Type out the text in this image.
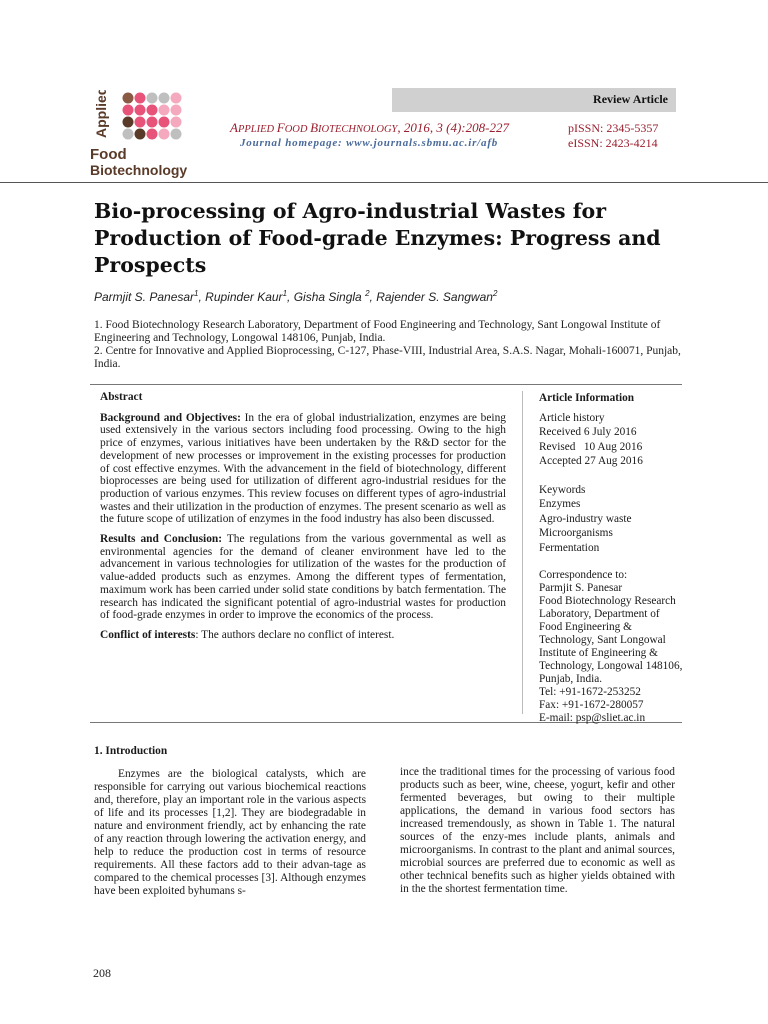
Applied
Food
Biotechnology
Review Article
APPLIED FOOD BIOTECHNOLOGY, 2016, 3 (4):208-227
Journal homepage: www.journals.sbmu.ac.ir/afb
pISSN: 2345-5357
eISSN: 2423-4214
Bio-processing of Agro-industrial Wastes for Production of Food-grade Enzymes: Progress and Prospects
Parmjit S. Panesar$^1$, Rupinder Kaur$^1$, Gisha Singla $^2$, Rajender S. Sangwan$^2$
1. Food Biotechnology Research Laboratory, Department of Food Engineering and Technology, Sant Longowal Institute of Engineering and Technology, Longowal 148106, Punjab, India.
2. Centre for Innovative and Applied Bioprocessing, C-127, Phase-VIII, Industrial Area, S.A.S. Nagar, Mohali-160071, Punjab, India.

Abstract

Background and Objectives: In the era of global industrialization, enzymes are being used extensively in the various sectors including food processing. Owing to the high price of enzymes, various initiatives have been undertaken by the R&D sector for the development of new processes or improvement in the existing processes for production of cost effective enzymes. With the advancement in the field of biotechnology, different bioprocesses are being used for utilization of different agro-industrial residues for the production of various enzymes. This review focuses on different types of agro-industrial wastes and their utilization in the production of enzymes. The present scenario as well as the future scope of utilization of enzymes in the food industry has also been discussed.

Results and Conclusion: The regulations from the various governmental as well as environmental agencies for the demand of cleaner environment have led to the advancement in various technologies for utilization of the wastes for the production of value-added products such as enzymes. Among the different types of fermentation, maximum work has been carried under solid state conditions by batch fermentation. The research has indicated the significant potential of agro-industrial wastes for production of food-grade enzymes in order to improve the economics of the process.

Conflict of interests: The authors declare no conflict of interest.

Article Information
Article history
Received 6 July 2016
Revised   10 Aug 2016
Accepted 27 Aug 2016
Keywords
Enzymes
Agro-industry waste
Microorganisms
Fermentation
Correspondence to:
Parmjit S. Panesar
Food Biotechnology Research Laboratory, Department of Food Engineering & Technology, Sant Longowal Institute of Engineering & Technology, Longowal 148106, Punjab, India.
Tel: +91-1672-253252
Fax: +91-1672-280057
E-mail: psp@sliet.ac.in
1. Introduction

Enzymes are the biological catalysts, which are responsible for carrying out various biochemical reactions and, therefore, play an important role in the various aspects of life and its processes [1,2]. They are biodegradable in nature and environment friendly, act by enhancing the rate of any reaction through lowering the activation energy, and help to reduce the production cost in terms of resource requirements. All these factors add to their advan-tage as compared to the chemical processes [3]. Although enzymes have been exploited byhumans s-

ince the traditional times for the processing of various food products such as beer, wine, cheese, yogurt, kefir and other fermented beverages, but owing to their multiple applications, the demand in various food sectors has increased tremendously, as shown in Table 1. The natural sources of the enzy-mes include plants, animals and microorganisms. In contrast to the plant and animal sources, microbial sources are preferred due to economic as well as other technical benefits such as higher yields obtained with in the the shortest fermentation time.

208
